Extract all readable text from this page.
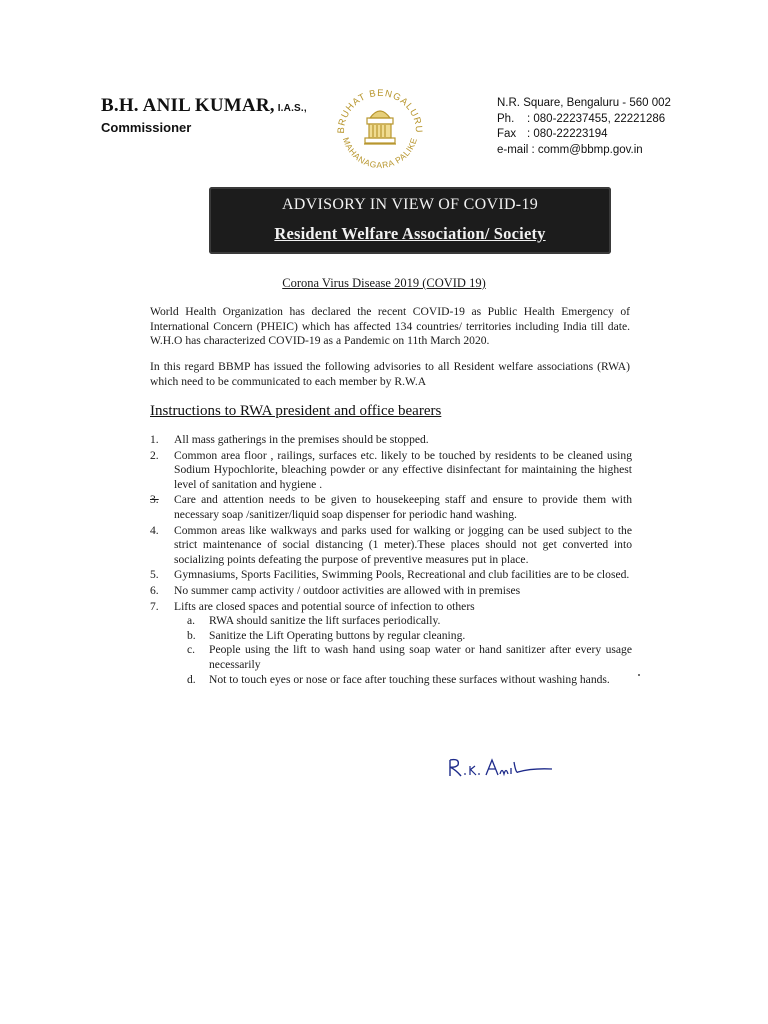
B.H. ANIL KUMAR, I.A.S.,
Commissioner	BRUHAT BENGALURU
MAHANAGARA PALIKE
N.R. Square, Bengaluru - 560 002
Ph. : 080-22237455, 22221286
Fax : 080-22223194
e-mail : comm@bbmp.gov.in
ADVISORY IN VIEW OF COVID-19
Resident Welfare Association/ Society
Corona Virus Disease 2019 (COVID 19)
World Health Organization has declared the recent COVID-19 as Public Health Emergency of International Concern (PHEIC) which has affected 134 countries/ territories including India till date. W.H.O has characterized COVID-19 as a Pandemic on 11th March 2020.
In this regard BBMP has issued the following advisories to all Resident welfare associations (RWA) which need to be communicated to each member by R.W.A
Instructions to RWA president and office bearers
1.	All mass gatherings in the premises should be stopped.
2.	Common area floor , railings, surfaces etc. likely to be touched by residents to be cleaned using Sodium Hypochlorite, bleaching powder or any effective disinfectant for maintaining the highest level of sanitation and hygiene .
3.	Care and attention needs to be given to housekeeping staff and ensure to provide them with necessary soap /sanitizer/liquid soap dispenser for periodic hand washing.
4.	Common areas like walkways and parks used for walking or jogging can be used subject to the strict maintenance of social distancing (1 meter).These places should not get converted into socializing points defeating the purpose of preventive measures put in place.
5.	Gymnasiums, Sports Facilities, Swimming Pools, Recreational and club facilities are to be closed.
6.	No summer camp activity / outdoor activities are allowed with in premises
7.	Lifts are closed spaces and potential source of infection to others
a.	RWA should sanitize the lift surfaces periodically.
b.	Sanitize the Lift Operating buttons by regular cleaning.
c.	People using the lift to wash hand using soap water or hand sanitizer after every usage necessarily
d.	Not to touch eyes or nose or face after touching these surfaces without washing hands.
